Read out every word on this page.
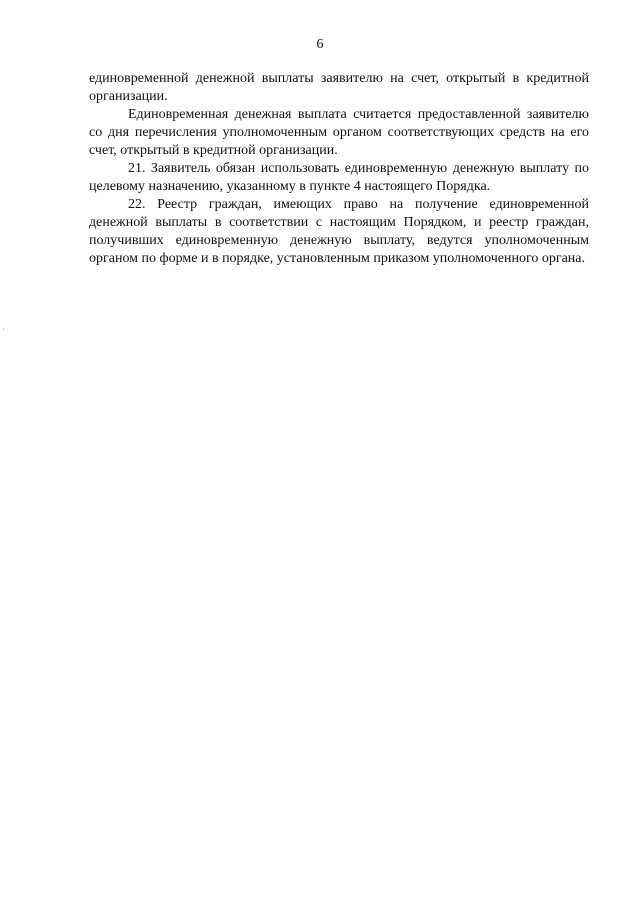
6

единовременной денежной выплаты заявителю на счет, открытый в кредитной организации.

Единовременная денежная выплата считается предоставленной заявителю со дня перечисления уполномоченным органом соответствующих средств на его счет, открытый в кредитной организации.

21. Заявитель обязан использовать единовременную денежную выплату по целевому назначению, указанному в пункте 4 настоящего Порядка.

22. Реестр граждан, имеющих право на получение единовременной денежной выплаты в соответствии с настоящим Порядком, и реестр граждан, получивших единовременную денежную выплату, ведутся уполномоченным органом по форме и в порядке, установленным приказом уполномоченного органа.
